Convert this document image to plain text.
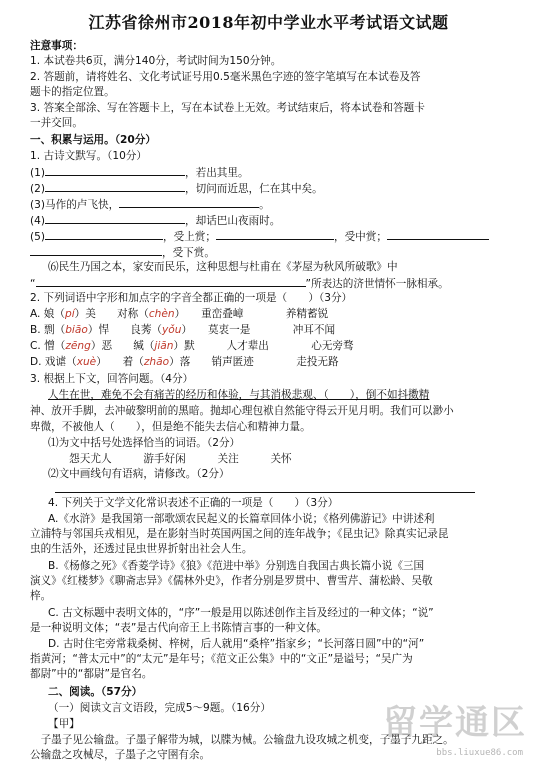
江苏省徐州市2018年初中学业水平考试语文试题
注意事项：
1. 本试卷共6页，满分140分，考试时间为150分钟。
2. 答题前，请将姓名、文化考试证号用0.5毫米黑色字迹的签字笔填写在本试卷及答
题卡的指定位置。
3. 答案全部涂、写在答题卡上，写在本试卷上无效。考试结束后，将本试卷和答题卡
一并交回。
一、积累与运用。（20分）
1. 古诗文默写。（10分）
(1)	，若出其里。
(2)	，切问而近思，仁在其中矣。
(3)马作的卢飞快，	。
(4)	，却话巴山夜雨时。
(5)	，受上赏；	，受中赏；
，受下赏。
⑹民生乃国之本，家安而民乐，这种思想与杜甫在《茅屋为秋风所破歌》中
“	”所表达的济世情怀一脉相承。
2. 下列词语中字形和加点字的字音全都正确的一项是（　　）（3分）
A. 娘（pí）美　　对称（chèn）　　重峦叠嶂　　　　养精蓄锐
B. 剽（biāo）悍　　良莠（yǒu）　　莫衷一是　　　　冲耳不闻
C. 憎（zēng）恶　　缄（jiān）默　　　人才辈出　　　　心无旁骛
D. 戏谑（xuè）　　着（zhāo）落　　销声匿迹　　　　走投无路
3. 根据上下文，回答问题。（4分）
人生在世，难免不会有痛苦的经历和体验，与其消极悲观、（　　），倒不如抖擞精
神、放开手脚，去冲破黎明前的黑暗。抛却心理包袱自然能守得云开见月明。我们可以渺小
卑微，不被他人（　　），但是绝不能失去信心和精神力量。
⑴为文中括号处选择恰当的词语。（2分）
　　怨天尤人　　　游手好闲　　　关注　　　关怀
⑵文中画线句有语病，请修改。（2分）
4. 下列关于文学文化常识表述不正确的一项是（　　）（3分）
A.《水浒》是我国第一部歌颂农民起义的长篇章回体小说；《格列佛游记》中讲述利
立浦特与邻国兵戎相见，是在影射当时英国两国之间的连年战争；《昆虫记》除真实记录昆
虫的生活外，还透过昆虫世界折射出社会人生。
B.《杨修之死》《香菱学诗》《狼》《范进中举》分别选自我国古典长篇小说《三国
演义》《红楼梦》《聊斋志异》《儒林外史》，作者分别是罗贯中、曹雪芹、蒲松龄、吴敬
梓。
C. 古文标题中表明文体的，“序”一般是用以陈述创作主旨及经过的一种文体；“说”
是一种说明文体；“表”是古代向帝王上书陈情言事的一种文体。
D. 古时住宅旁常栽桑树、梓树，后人就用“桑梓”指家乡；“长河落日圆”中的“河”
指黄河；“普太元中”的“太元”是年号；《范文正公集》中的“文正”是谥号；“吴广为
都尉”中的“都尉”是官名。
二、阅读。（57分）
（一）阅读文言文语段，完成5～9题。（16分）
【甲】
　子墨子见公输盘。子墨子解带为城，以牒为械。公输盘九设攻城之机变，子墨子九距之。
公输盘之攻械尽，子墨子之守圉有余。
留学通区
bbs.liuxue86.com
